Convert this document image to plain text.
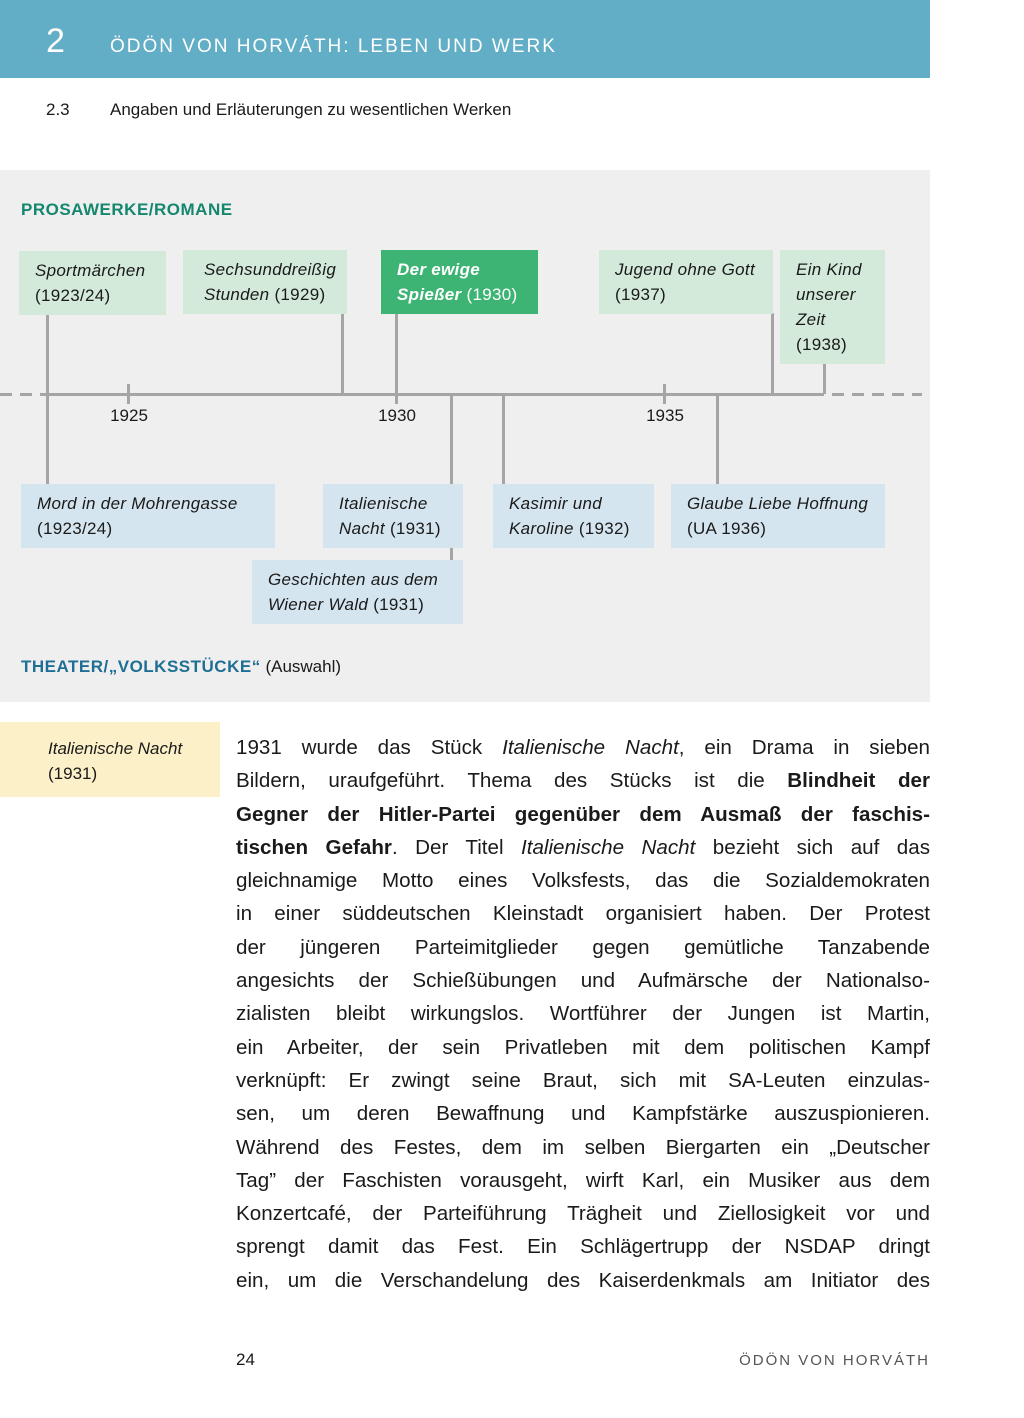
2 ÖDÖN VON HORVÁTH: LEBEN UND WERK
2.3 Angaben und Erläuterungen zu wesentlichen Werken
PROSAWERKE/ROMANE
1925	1930	1935
Sportmärchen
(1923/24)
Sechsunddreißig Stunden (1929)
Der ewige Spießer (1930)
Jugend ohne Gott
(1937)
Ein Kind unserer Zeit (1938)
Mord in der Mohrengasse
(1923/24)
Italienische Nacht (1931)
Geschichten aus dem Wiener Wald (1931)
Kasimir und Karoline (1932)
Glaube Liebe Hoffnung (UA 1936)
THEATER/„VOLKSSTÜCKE“ (Auswahl)
Italienische Nacht
(1931)
1931 wurde das Stück Italienische Nacht, ein Drama in sieben
Bildern, uraufgeführt. Thema des Stücks ist die Blindheit der
Gegner der Hitler-Partei gegenüber dem Ausmaß der faschis-
tischen Gefahr. Der Titel Italienische Nacht bezieht sich auf das
gleichnamige Motto eines Volksfests, das die Sozialdemokraten
in einer süddeutschen Kleinstadt organisiert haben. Der Protest
der jüngeren Parteimitglieder gegen gemütliche Tanzabende
angesichts der Schießübungen und Aufmärsche der Nationalso-
zialisten bleibt wirkungslos. Wortführer der Jungen ist Martin,
ein Arbeiter, der sein Privatleben mit dem politischen Kampf
verknüpft: Er zwingt seine Braut, sich mit SA-Leuten einzulas-
sen, um deren Bewaffnung und Kampfstärke auszuspionieren.
Während des Festes, dem im selben Biergarten ein „Deutscher
Tag” der Faschisten vorausgeht, wirft Karl, ein Musiker aus dem
Konzertcafé, der Parteiführung Trägheit und Ziellosigkeit vor und
sprengt damit das Fest. Ein Schlägertrupp der NSDAP dringt
ein, um die Verschandelung des Kaiserdenkmals am Initiator des
24	ÖDÖN VON HORVÁTH
